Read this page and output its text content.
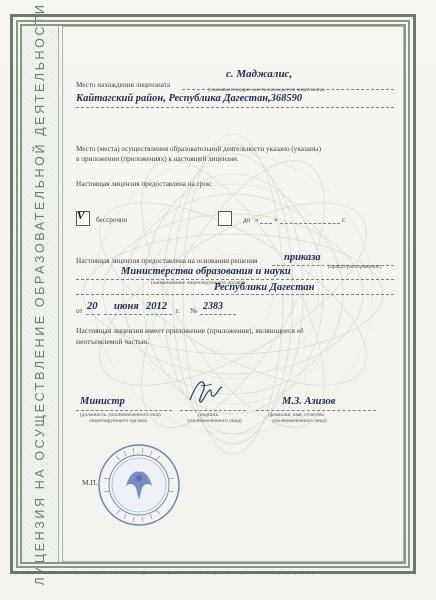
ЛИЦЕНЗИЯ НА ОСУЩЕСТВЛЕНИЕ ОБРАЗОВАТЕЛЬНОЙ ДЕЯТЕЛЬНОСТИ	Место нахождения лицензиата
с. Маджалис,
(указывается адрес места нахождения лицензиата)
Кайтагский район, Республика Дагестан,368590
Место (места) осуществления образовательной деятельности указано (указаны)
в приложении (приложениях) к настоящей лицензии.
Настоящая лицензия предоставлена на срок:
V бессрочно	до « »	г.
Настоящая лицензия предоставлена на основании решения	приказа
(приказ/распоряжение)
Министерства образования и науки
(наименование лицензирующего органа)
Республики Дагестан
от 20 июня 2012 г. № 2383
Настоящая лицензия имеет приложение (приложения), являющееся её
неотъемлемой частью.
Министр
(должность уполномоченного лица
лицензирующего органа)
(подпись
уполномоченного лица)
М.З. Азизов
(фамилия, имя, отчество
уполномоченного лица)
М.П.
ООО И.Т.Р.Ф, ИНН 7754032778, г. Москва, 2012 г., заказ № 61465, уровень А, лицензия ФНС России, тел.: (495) 333-02-83(многоканальный), факс (495) 333-04-69
